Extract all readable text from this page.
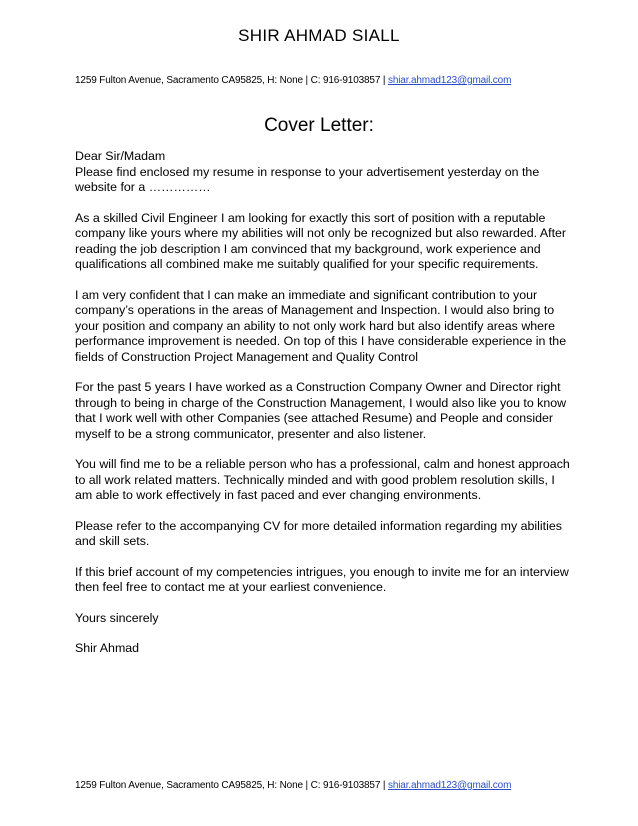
SHIR AHMAD SIALL
1259 Fulton Avenue, Sacramento CA95825, H: None | C: 916-9103857 | shiar.ahmad123@gmail.com
Cover Letter:

Dear Sir/Madam
Please find enclosed my resume in response to your advertisement yesterday on the website for a ……………

As a skilled Civil Engineer I am looking for exactly this sort of position with a reputable company like yours where my abilities will not only be recognized but also rewarded. After reading the job description I am convinced that my background, work experience and qualifications all combined make me suitably qualified for your specific requirements.

I am very confident that I can make an immediate and significant contribution to your company’s operations in the areas of Management and Inspection. I would also bring to your position and company an ability to not only work hard but also identify areas where performance improvement is needed. On top of this I have considerable experience in the fields of Construction Project Management and Quality Control

For the past 5 years I have worked as a Construction Company Owner and Director right through to being in charge of the Construction Management, I would also like you to know that I work well with other Companies (see attached Resume) and People and consider myself to be a strong communicator, presenter and also listener.

You will find me to be a reliable person who has a professional, calm and honest approach to all work related matters. Technically minded and with good problem resolution skills, I am able to work effectively in fast paced and ever changing environments.

Please refer to the accompanying CV for more detailed information regarding my abilities and skill sets.

If this brief account of my competencies intrigues, you enough to invite me for an interview then feel free to contact me at your earliest convenience.

Yours sincerely

Shir Ahmad

1259 Fulton Avenue, Sacramento CA95825, H: None | C: 916-9103857 | shiar.ahmad123@gmail.com
